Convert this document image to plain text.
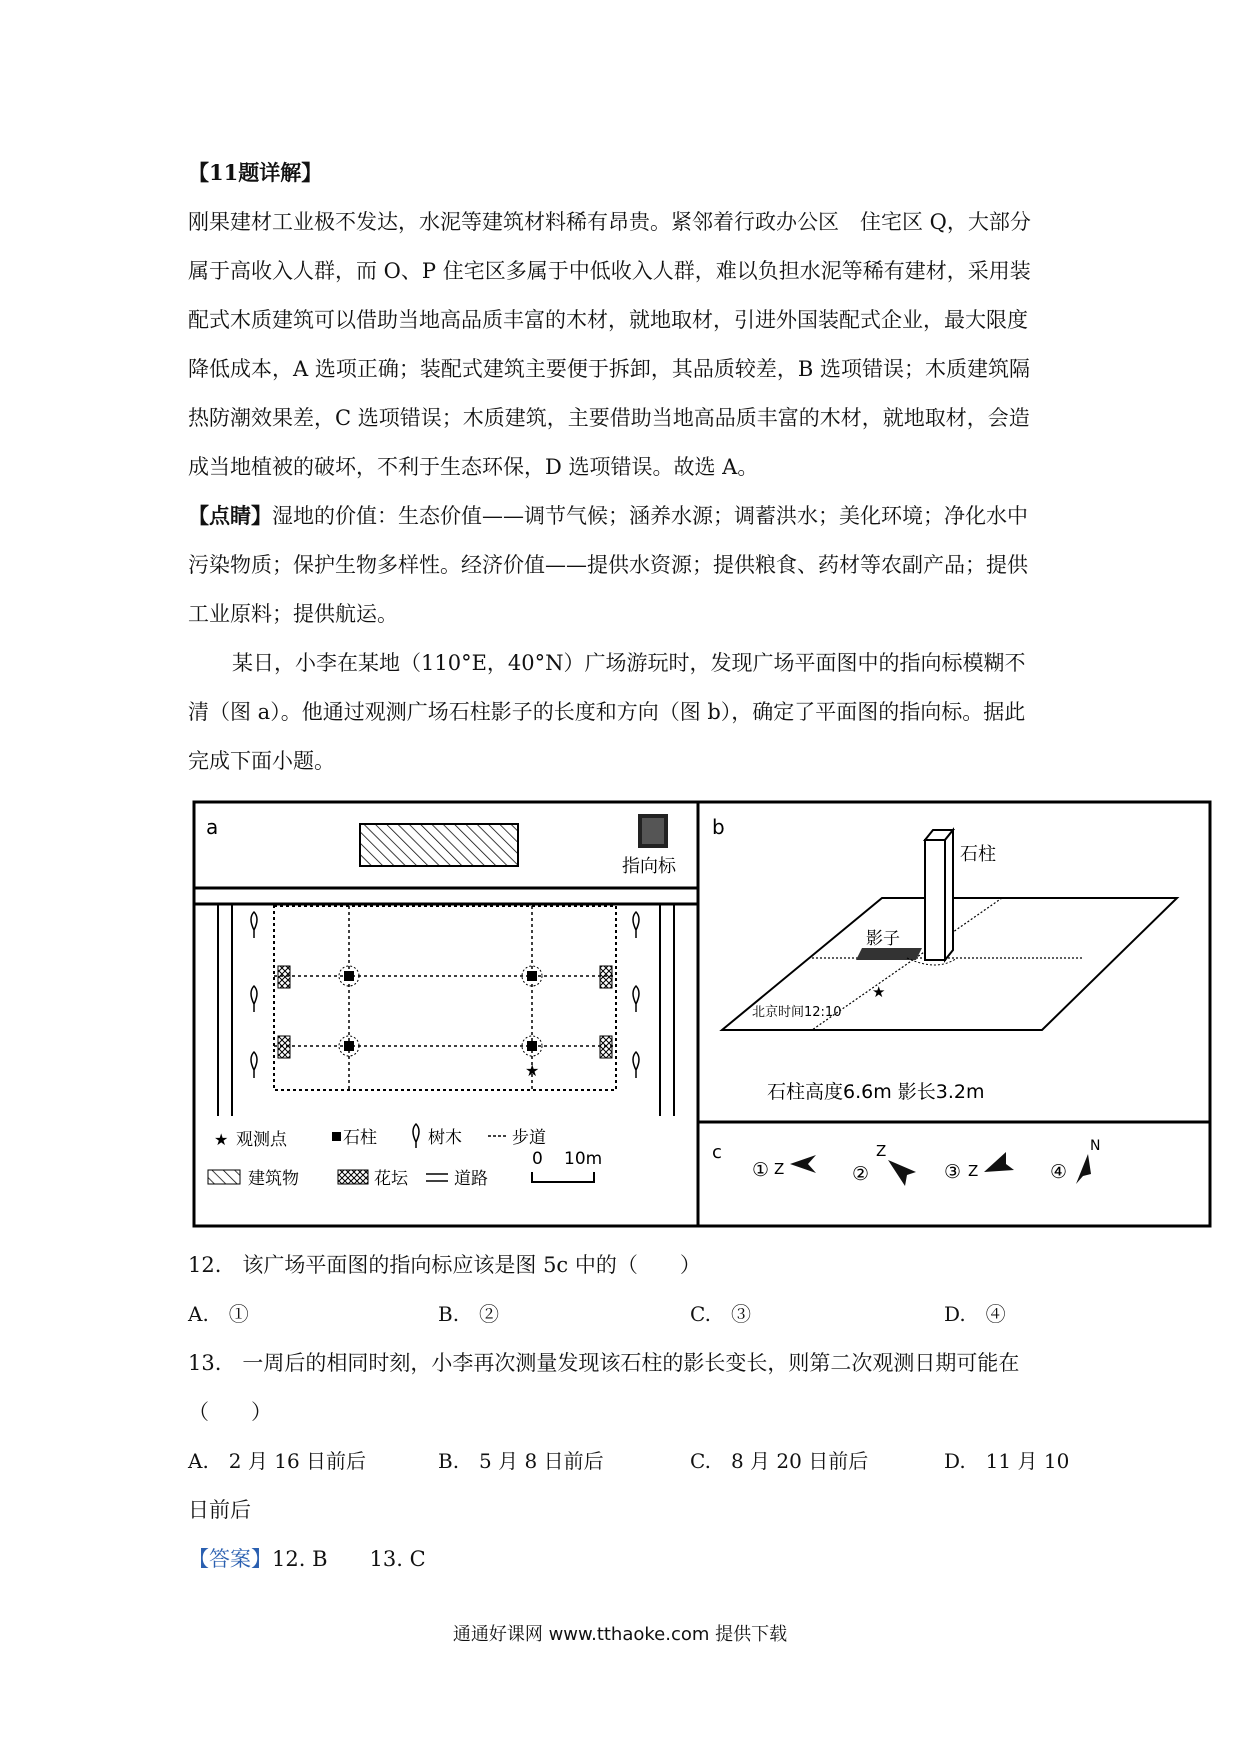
【11题详解】
刚果建材工业极不发达，水泥等建筑材料稀有昂贵。紧邻着行政办公区　住宅区 Q，大部分
属于高收入人群，而 O、P 住宅区多属于中低收入人群，难以负担水泥等稀有建材，采用装
配式木质建筑可以借助当地高品质丰富的木材，就地取材，引进外国装配式企业，最大限度
降低成本，A 选项正确；装配式建筑主要便于拆卸，其品质较差，B 选项错误；木质建筑隔
热防潮效果差，C 选项错误；木质建筑，主要借助当地高品质丰富的木材，就地取材，会造
成当地植被的破坏，不利于生态环保，D 选项错误。故选 A。
【点睛】湿地的价值：生态价值——调节气候；涵养水源；调蓄洪水；美化环境；净化水中
污染物质；保护生物多样性。经济价值——提供水资源；提供粮食、药材等农副产品；提供
工业原料；提供航运。
某日，小李在某地（110°E，40°N）广场游玩时，发现广场平面图中的指向标模糊不
清（图 a）。他通过观测广场石柱影子的长度和方向（图 b），确定了平面图的指向标。据此
完成下面小题。
a
指向标
★
★ 观测点	石柱	树木	步道
建筑物	花坛	道路
0 10m
b
石柱
影子
★
北京时间12:10
石柱高度6.6m 影长3.2m
c
① Z	②
Z
③ Z	④
N
12.　该广场平面图的指向标应该是图 5c 中的（　　）
A.　①	B.　②	C.　③	D.　④
13.　一周后的相同时刻，小李再次测量发现该石柱的影长变长，则第二次观测日期可能在
（　　）
A.　2 月 16 日前后	B.　5 月 8 日前后	C.　8 月 20 日前后	D.　11 月 10
日前后
【答案】12. B　　13. C
通通好课网 www.tthaoke.com 提供下载
